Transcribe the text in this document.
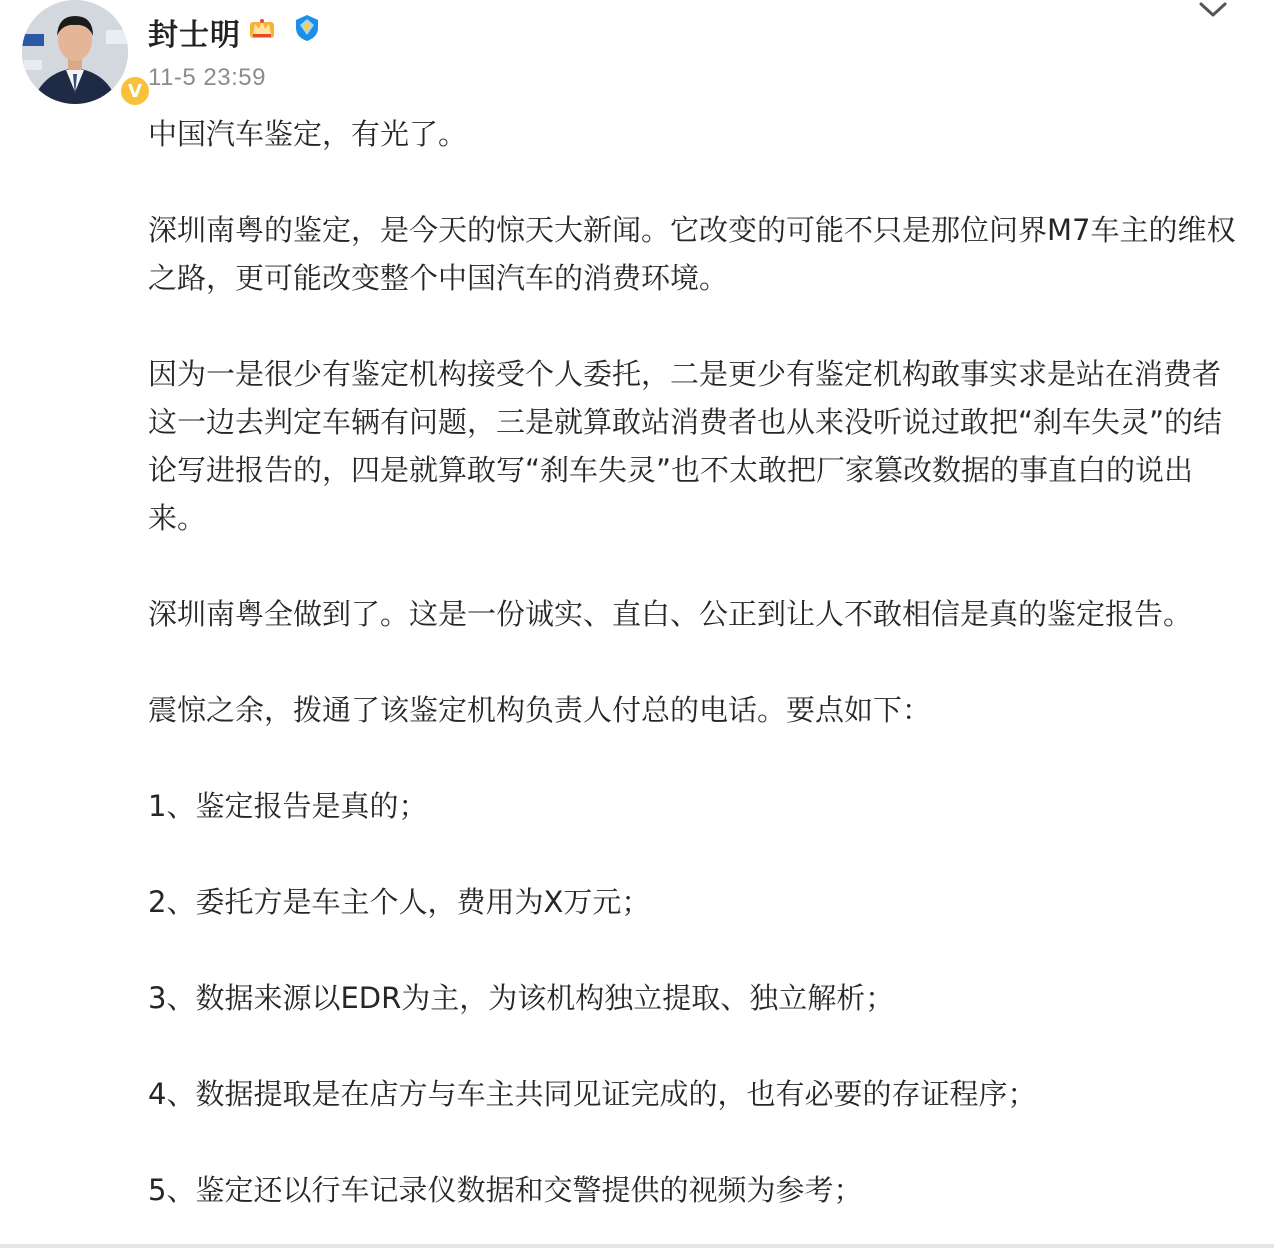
V
封士明
11-5 23:59

中国汽车鉴定，有光了。

深圳南粤的鉴定，是今天的惊天大新闻。它改变的可能不只是那位问界M7车主的维权之路，更可能改变整个中国汽车的消费环境。

因为一是很少有鉴定机构接受个人委托，二是更少有鉴定机构敢事实求是站在消费者这一边去判定车辆有问题，三是就算敢站消费者也从来没听说过敢把“刹车失灵”的结论写进报告的，四是就算敢写“刹车失灵”也不太敢把厂家篡改数据的事直白的说出来。

深圳南粤全做到了。这是一份诚实、直白、公正到让人不敢相信是真的鉴定报告。

震惊之余，拨通了该鉴定机构负责人付总的电话。要点如下：

1、鉴定报告是真的；

2、委托方是车主个人，费用为X万元；

3、数据来源以EDR为主，为该机构独立提取、独立解析；

4、数据提取是在店方与车主共同见证完成的，也有必要的存证程序；

5、鉴定还以行车记录仪数据和交警提供的视频为参考；
